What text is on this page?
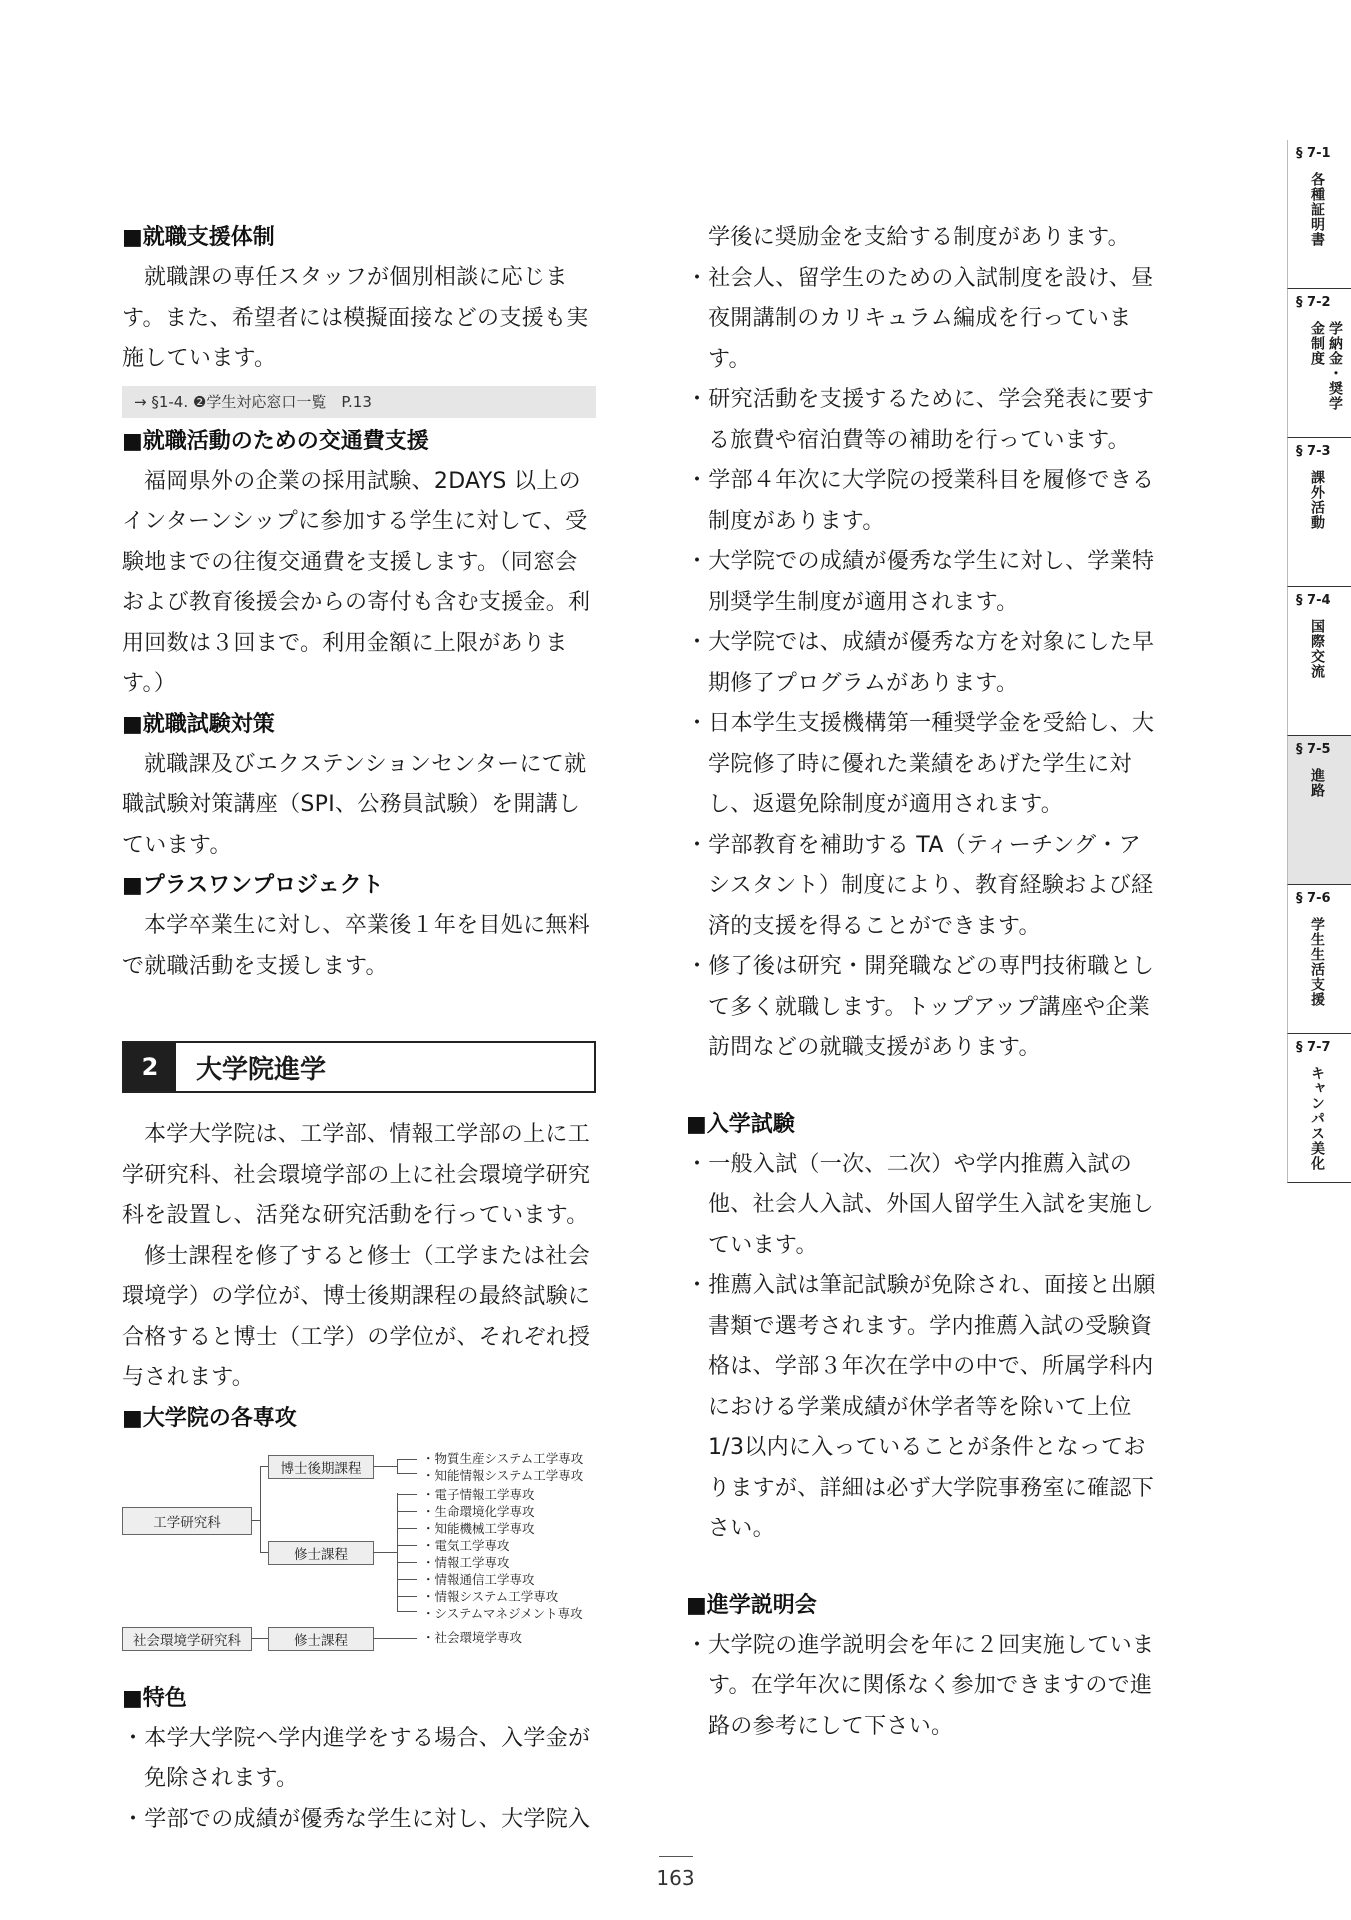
■就職支援体制

就職課の専任スタッフが個別相談に応じます。また、希望者には模擬面接などの支援も実施しています。

→ §1-4. ❷学生対応窓口一覧　P.13

■就職活動のための交通費支援

福岡県外の企業の採用試験、2DAYS 以上のインターンシップに参加する学生に対して、受験地までの往復交通費を支援します。（同窓会および教育後援会からの寄付も含む支援金。利用回数は３回まで。利用金額に上限があります。）

■就職試験対策

就職課及びエクステンションセンターにて就職試験対策講座（SPI、公務員試験）を開講しています。

■プラスワンプロジェクト

本学卒業生に対し、卒業後１年を目処に無料で就職活動を支援します。

2	大学院進学

本学大学院は、工学部、情報工学部の上に工学研究科、社会環境学部の上に社会環境学研究科を設置し、活発な研究活動を行っています。

修士課程を修了すると修士（工学または社会環境学）の学位が、博士後期課程の最終試験に合格すると博士（工学）の学位が、それぞれ授与されます。

■大学院の各専攻

工学研究科
博士後期課程
修士課程
社会環境学研究科	修士課程
・物質生産システム工学専攻
・知能情報システム工学専攻
・電子情報工学専攻
・生命環境化学専攻
・知能機械工学専攻
・電気工学専攻
・情報工学専攻
・情報通信工学専攻
・情報システム工学専攻
・システムマネジメント専攻
・社会環境学専攻

■特色

・本学大学院へ学内進学をする場合、入学金が免除されます。

・学部での成績が優秀な学生に対し、大学院入

学後に奨励金を支給する制度があります。

・社会人、留学生のための入試制度を設け、昼夜開講制のカリキュラム編成を行っています。

・研究活動を支援するために、学会発表に要する旅費や宿泊費等の補助を行っています。

・学部４年次に大学院の授業科目を履修できる制度があります。

・大学院での成績が優秀な学生に対し、学業特別奨学生制度が適用されます。

・大学院では、成績が優秀な方を対象にした早期修了プログラムがあります。

・日本学生支援機構第一種奨学金を受給し、大学院修了時に優れた業績をあげた学生に対し、返還免除制度が適用されます。

・学部教育を補助する TA（ティーチング・アシスタント）制度により、教育経験および経済的支援を得ることができます。

・修了後は研究・開発職などの専門技術職として多く就職します。トップアップ講座や企業訪問などの就職支援があります。

■入学試験

・一般入試（一次、二次）や学内推薦入試の他、社会人入試、外国人留学生入試を実施しています。

・推薦入試は筆記試験が免除され、面接と出願書類で選考されます。学内推薦入試の受験資格は、学部３年次在学中の中で、所属学科内における学業成績が休学者等を除いて上位1/3以内に入っていることが条件となっておりますが、詳細は必ず大学院事務室に確認下さい。

■進学説明会

・大学院の進学説明会を年に２回実施しています。在学年次に関係なく参加できますので進路の参考にして下さい。

§ 7-1
各種証明書
§ 7-2
学納金・奨学金制度
§ 7-3
課外活動
§ 7-4
国際交流
§ 7-5
進路
§ 7-6
学生生活支援
§ 7-7
キャンパス美化
163
